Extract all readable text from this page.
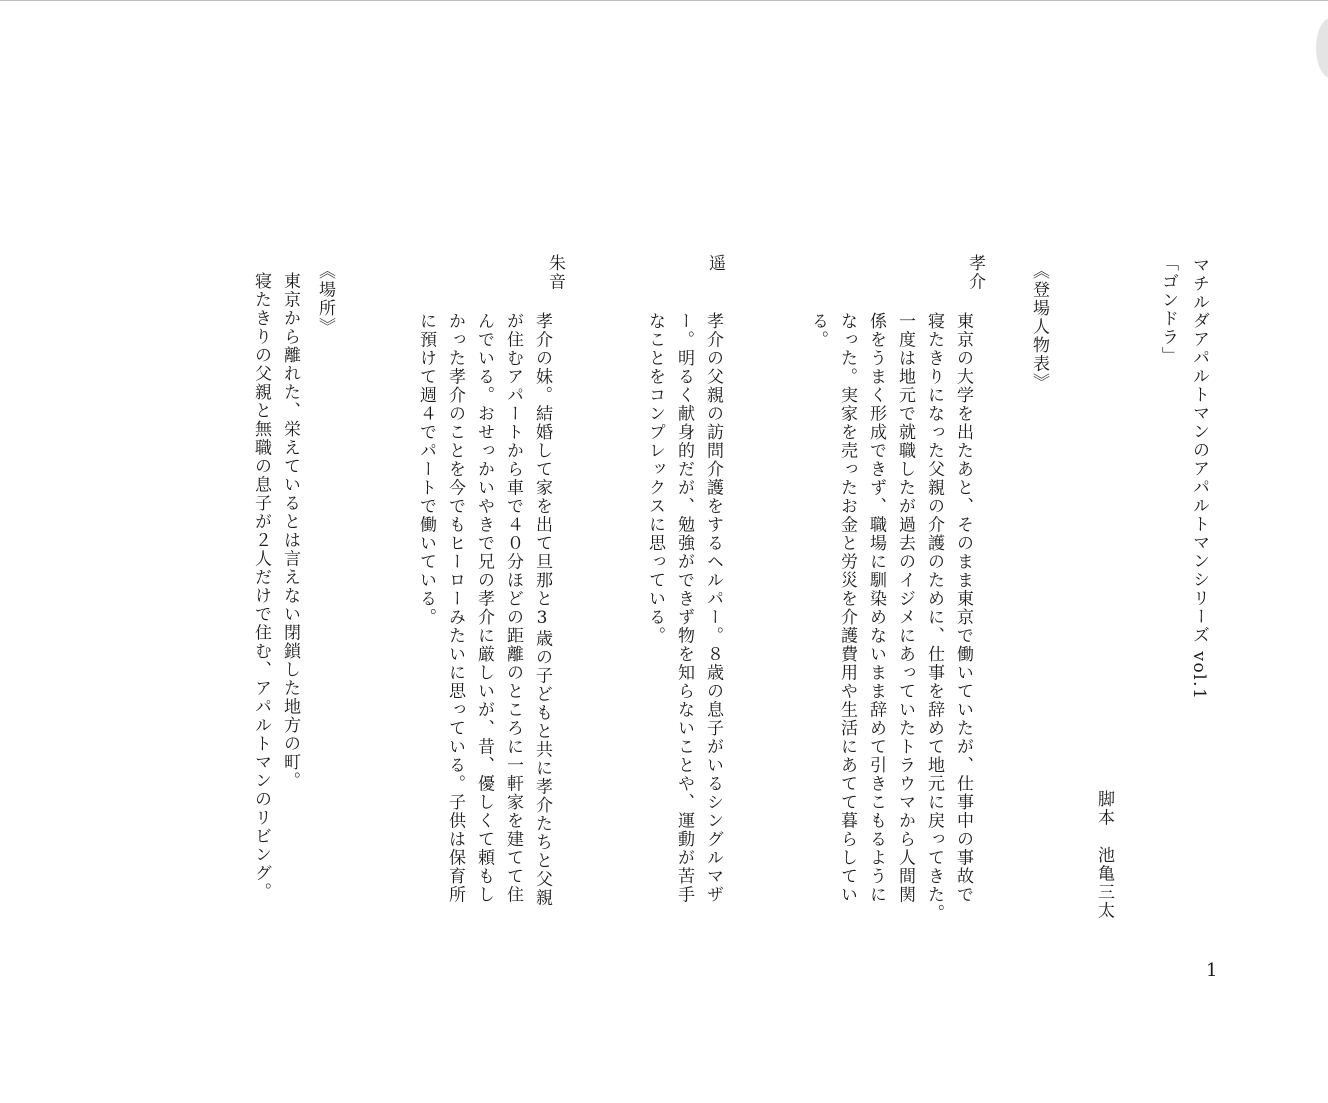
マチルダアパルトマンのアパルトマンシリーズ vol.1
「ゴンドラ」
脚本
池亀三太
《登場人物表》
孝介
東京の大学を出たあと、そのまま東京で働いていたが、仕事中の事故で
寝たきりになった父親の介護のために、仕事を辞めて地元に戻ってきた。
一度は地元で就職したが過去のイジメにあっていたトラウマから人間関
係をうまく形成できず、職場に馴染めないまま辞めて引きこもるように
なった。実家を売ったお金と労災を介護費用や生活にあてて暮らしてい
る。
遥
孝介の父親の訪問介護をするヘルパー。８歳の息子がいるシングルマザ
ー。明るく献身的だが、勉強ができず物を知らないことや、運動が苦手
なことをコンプレックスに思っている。
朱音
孝介の妹。結婚して家を出て旦那と3歳の子どもと共に孝介たちと父親
が住むアパートから車で４０分ほどの距離のところに一軒家を建てて住
んでいる。おせっかいやきで兄の孝介に厳しいが、昔、優しくて頼もし
かった孝介のことを今でもヒーローみたいに思っている。子供は保育所
に預けて週４でパートで働いている。
《場所》
東京から離れた、栄えているとは言えない閉鎖した地方の町。
寝たきりの父親と無職の息子が２人だけで住む、アパルトマンのリビング。
1
